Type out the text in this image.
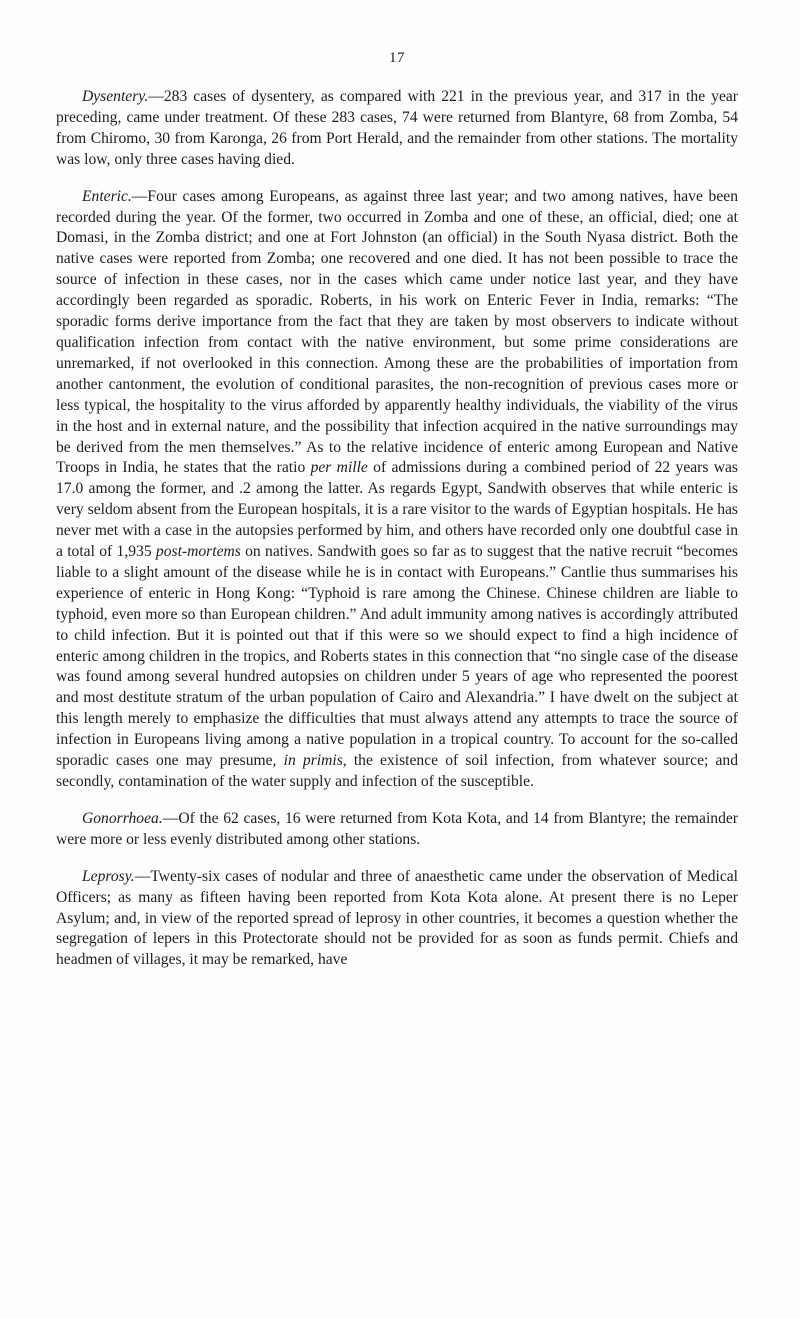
17

Dysentery.—283 cases of dysentery, as compared with 221 in the previous year, and 317 in the year preceding, came under treatment. Of these 283 cases, 74 were returned from Blantyre, 68 from Zomba, 54 from Chiromo, 30 from Karonga, 26 from Port Herald, and the remainder from other stations. The mortality was low, only three cases having died.

Enteric.—Four cases among Europeans, as against three last year; and two among natives, have been recorded during the year. Of the former, two occurred in Zomba and one of these, an official, died; one at Domasi, in the Zomba district; and one at Fort Johnston (an official) in the South Nyasa district. Both the native cases were reported from Zomba; one recovered and one died. It has not been possible to trace the source of infection in these cases, nor in the cases which came under notice last year, and they have accordingly been regarded as sporadic. Roberts, in his work on Enteric Fever in India, remarks: “The sporadic forms derive importance from the fact that they are taken by most observers to indicate without qualification infection from contact with the native environment, but some prime considerations are unremarked, if not overlooked in this connection. Among these are the probabilities of importation from another cantonment, the evolution of conditional parasites, the non-recognition of previous cases more or less typical, the hospitality to the virus afforded by apparently healthy individuals, the viability of the virus in the host and in external nature, and the possibility that infection acquired in the native surroundings may be derived from the men themselves.” As to the relative incidence of enteric among European and Native Troops in India, he states that the ratio per mille of admissions during a combined period of 22 years was 17.0 among the former, and .2 among the latter. As regards Egypt, Sandwith observes that while enteric is very seldom absent from the European hospitals, it is a rare visitor to the wards of Egyptian hospitals. He has never met with a case in the autopsies performed by him, and others have recorded only one doubtful case in a total of 1,935 post-mortems on natives. Sandwith goes so far as to suggest that the native recruit “becomes liable to a slight amount of the disease while he is in contact with Europeans.” Cantlie thus summarises his experience of enteric in Hong Kong: “Typhoid is rare among the Chinese. Chinese children are liable to typhoid, even more so than European children.” And adult immunity among natives is accordingly attributed to child infection. But it is pointed out that if this were so we should expect to find a high incidence of enteric among children in the tropics, and Roberts states in this connection that “no single case of the disease was found among several hundred autopsies on children under 5 years of age who represented the poorest and most destitute stratum of the urban population of Cairo and Alexandria.” I have dwelt on the subject at this length merely to emphasize the difficulties that must always attend any attempts to trace the source of infection in Europeans living among a native population in a tropical country. To account for the so-called sporadic cases one may presume, in primis, the existence of soil infection, from whatever source; and secondly, contamination of the water supply and infection of the susceptible.

Gonorrhoea.—Of the 62 cases, 16 were returned from Kota Kota, and 14 from Blantyre; the remainder were more or less evenly distributed among other stations.

Leprosy.—Twenty-six cases of nodular and three of anaesthetic came under the observation of Medical Officers; as many as fifteen having been reported from Kota Kota alone. At present there is no Leper Asylum; and, in view of the reported spread of leprosy in other countries, it becomes a question whether the segregation of lepers in this Protectorate should not be provided for as soon as funds permit. Chiefs and headmen of villages, it may be remarked, have
